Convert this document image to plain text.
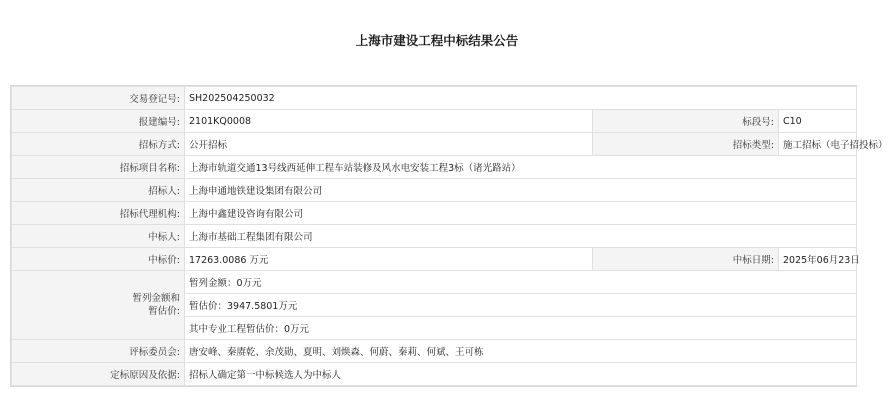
上海市建设工程中标结果公告
交易登记号:	SH202504250032		
报建编号:	2101KQ0008	标段号:	C10
招标方式:	公开招标	招标类型:	施工招标（电子招投标）
招标项目名称:	上海市轨道交通13号线西延伸工程车站装修及风水电安装工程3标（诸光路站）		
招标人:	上海申通地铁建设集团有限公司		
招标代理机构:	上海中鑫建设咨询有限公司		
中标人:	上海市基础工程集团有限公司		
中标价:	17263.0086 万元	中标日期:	2025年06月23日
暂列金额和
暂估价:	暂列金额：0万元		
	暂估价：3947.5801万元		
	其中专业工程暂估价：0万元		
评标委员会:	唐安峰、秦赓乾、余茂勋、夏明、刘焕森、何蔚、秦莉、何斌、王可栋		
定标原因及依据:	招标人确定第一中标候选人为中标人		
